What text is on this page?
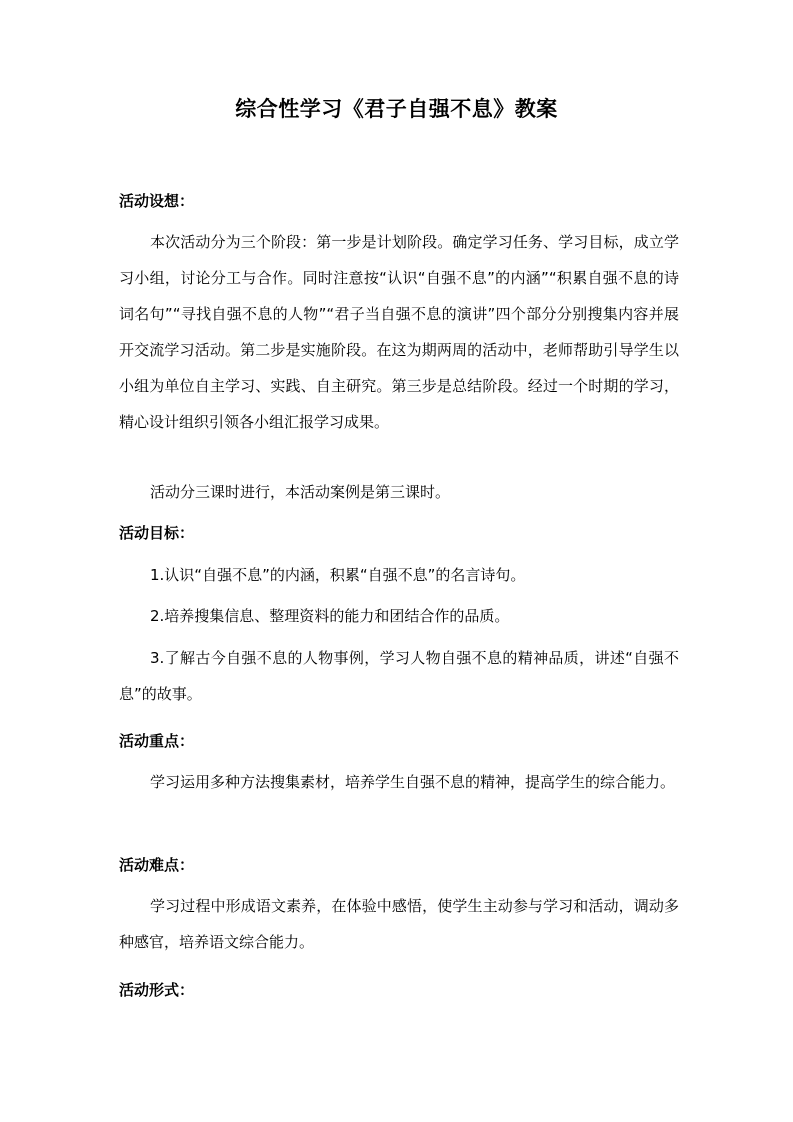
综合性学习《君子自强不息》教案
活动设想：

本次活动分为三个阶段：第一步是计划阶段。确定学习任务、学习目标，成立学习小组，讨论分工与合作。同时注意按“认识“自强不息”的内涵”“积累自强不息的诗词名句”“寻找自强不息的人物”“君子当自强不息的演讲”四个部分分别搜集内容并展开交流学习活动。第二步是实施阶段。在这为期两周的活动中，老师帮助引导学生以小组为单位自主学习、实践、自主研究。第三步是总结阶段。经过一个时期的学习，精心设计组织引领各小组汇报学习成果。

活动分三课时进行，本活动案例是第三课时。

活动目标：

1.认识“自强不息”的内涵，积累“自强不息”的名言诗句。

2.培养搜集信息、整理资料的能力和团结合作的品质。

3.了解古今自强不息的人物事例，学习人物自强不息的精神品质，讲述“自强不息”的故事。

活动重点：

学习运用多种方法搜集素材，培养学生自强不息的精神，提高学生的综合能力。

活动难点：

学习过程中形成语文素养，在体验中感悟，使学生主动参与学习和活动，调动多种感官，培养语文综合能力。

活动形式：
